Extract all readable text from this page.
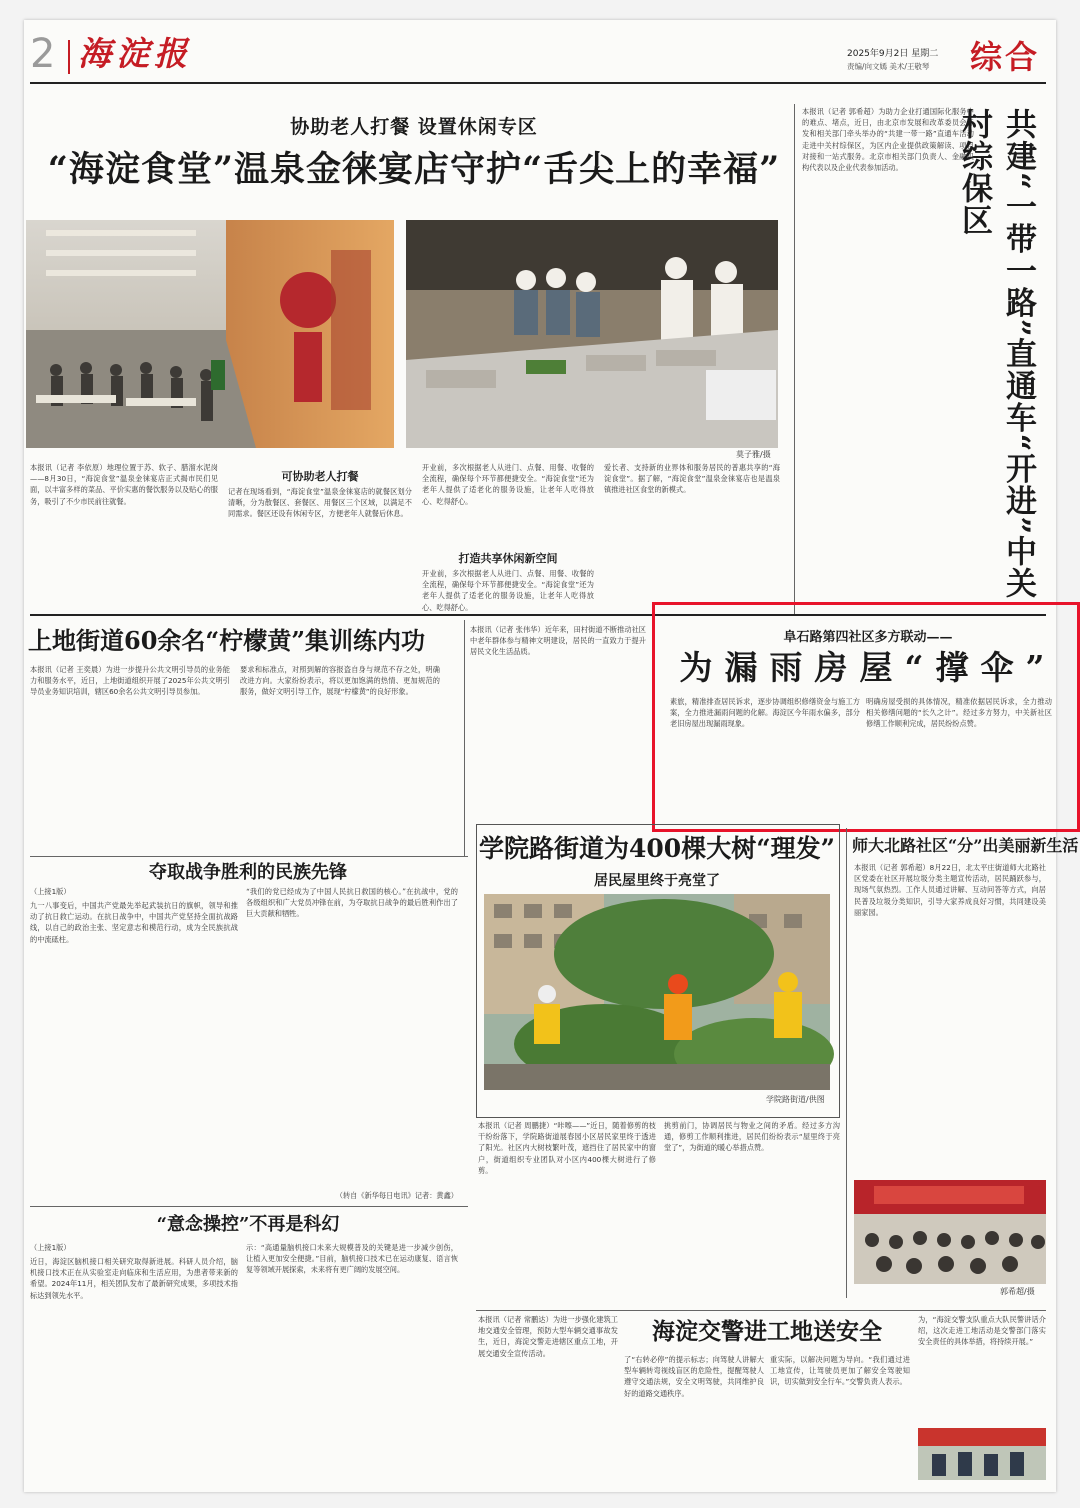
2 海淀报	2025年9月2日 星期二
责编/向文嫣 美术/王敬琴 综合
协助老人打餐 设置休闲专区
“海淀食堂”温泉金徕宴店守护“舌尖上的幸福”
莫子雅/摄
本报讯（记者 李依原）地理位置于苏、软子、腊溜水泥岗——8月30日，“海淀食堂”温泉金徕宴店正式揭市民们见面，以丰富多样的菜品、平价实惠的餐饮服务以及贴心的服务，吸引了不少市民前往就餐。
可协助老人打餐
记者在现场看到，“海淀食堂”温泉金徕宴店的就餐区划分清晰，分为散餐区、套餐区、用餐区三个区域，以满足不同需求。餐区还设有休闲专区，方便老年人就餐后休息。
开业前，多次根据老人从进门、点餐、用餐、收餐的全流程，确保每个环节都便捷安全。“海淀食堂”还为老年人提供了适老化的服务设施，让老年人吃得放心、吃得舒心。
打造共享休闲新空间
开业前，多次根据老人从进门、点餐、用餐、收餐的全流程，确保每个环节都便捷安全。“海淀食堂”还为老年人提供了适老化的服务设施，让老年人吃得放心、吃得舒心。
爱长者、支持新的业界体和服务居民的普惠共享的“海淀食堂”。据了解，“海淀食堂”温泉金徕宴店也是温泉镇推进社区食堂的新模式。
本报讯（记者 郭希超）为助力企业打通国际化服务中的难点、堵点，近日，由北京市发展和改革委员会开发和相关部门牵头举办的“共建一带一路”直通车活动走进中关村综保区，为区内企业提供政策解读、项目对接和一站式服务。北京市相关部门负责人、金融机构代表以及企业代表参加活动。	共建“一带一路”直通车“开进”中关村综保区
上地街道60余名“柠檬黄”集训练内功
本报讯（记者 王奕晨）为进一步提升公共文明引导员的业务能力和服务水平，近日，上地街道组织开展了2025年公共文明引导员业务知识培训，辖区60余名公共文明引导员参加。
要求和标准点，对照到解的容报盗自身与规范不存之处，明确改进方向。大家纷纷表示，将以更加饱满的热情、更加规范的服务，做好文明引导工作，展现“柠檬黄”的良好形象。
本报讯（记者 张伟华）近年来，田村街道不断推动社区中老年群体参与精神文明建设，居民的一直致力于提升居民文化生活品质。
阜石路第四社区多方联动——
为漏雨房屋“撑伞”
素旅，精准排查居民诉求，逐步协调组织修缮资金与施工方案，全力推进漏雨问题的化解。海淀区今年雨水偏多，部分老旧房屋出现漏雨现象。
明确房屋受损的具体情况，精准依据居民诉求，全力推动相关修缮问题的“长久之计”。经过多方努力，中关新社区修缮工作顺利完成，居民纷纷点赞。
夺取战争胜利的民族先锋
（上接1版）
九一八事变后，中国共产党最先举起武装抗日的旗帜，领导和推动了抗日救亡运动。在抗日战争中，中国共产党坚持全面抗战路线，以自己的政治主张、坚定意志和模范行动，成为全民族抗战的中流砥柱。
“我们的党已经成为了中国人民抗日救国的核心。”在抗战中，党的各级组织和广大党员冲锋在前，为夺取抗日战争的最后胜利作出了巨大贡献和牺牲。
（转自《新华每日电讯》记者：黄鑫）
“意念操控”不再是科幻
（上接1版）
近日，海淀区脑机接口相关研究取得新进展。科研人员介绍，脑机接口技术正在从实验室走向临床和生活应用，为患者带来新的希望。2024年11月，相关团队发布了最新研究成果，多项技术指标达到领先水平。
示：“高通量脑机接口未来大规模普及的关键是进一步减少创伤，让植入更加安全便捷。”目前，脑机接口技术已在运动康复、语言恢复等领域开展探索，未来将有更广阔的发展空间。
学院路街道为400棵大树“理发”
居民屋里终于亮堂了
学院路街道/供图
本报讯（记者 周鹏捷）“咔嚓——”近日，随着修剪的枝干纷纷落下，学院路街道展春园小区居民家里终于透进了阳光。社区内大树枝繁叶茂，遮挡住了居民家中的窗户，街道组织专业团队对小区内400棵大树进行了修剪。
挑剪前门，协调居民与物业之间的矛盾。经过多方沟通，修剪工作顺利推进，居民们纷纷表示“屋里终于亮堂了”，为街道的暖心举措点赞。
师大北路社区“分”出美丽新生活
本报讯（记者 郭希超）8月22日，北太平庄街道师大北路社区党委在社区开展垃圾分类主题宣传活动，居民踊跃参与，现场气氛热烈。工作人员通过讲解、互动问答等方式，向居民普及垃圾分类知识，引导大家养成良好习惯，共同建设美丽家园。
郭希超/摄
本报讯（记者 常鹏达）为进一步强化建筑工地交通安全管理，预防大型车辆交通事故发生，近日，海淀交警走进辖区重点工地，开展交通安全宣传活动。
海淀交警进工地送安全
了“右转必停”的提示标志；向驾驶人讲解大型车辆转弯视线盲区的危险性，提醒驾驶人遵守交通法规，安全文明驾驶，共同维护良好的道路交通秩序。
重实际，以解决问题为导向。“我们通过进工地宣传，让驾驶员更加了解安全驾驶知识，切实做到安全行车。”交警负责人表示。
为，“海淀交警支队重点大队民警讲话介绍，这次走进工地活动是交警部门落实安全责任的具体举措，将持续开展。”
